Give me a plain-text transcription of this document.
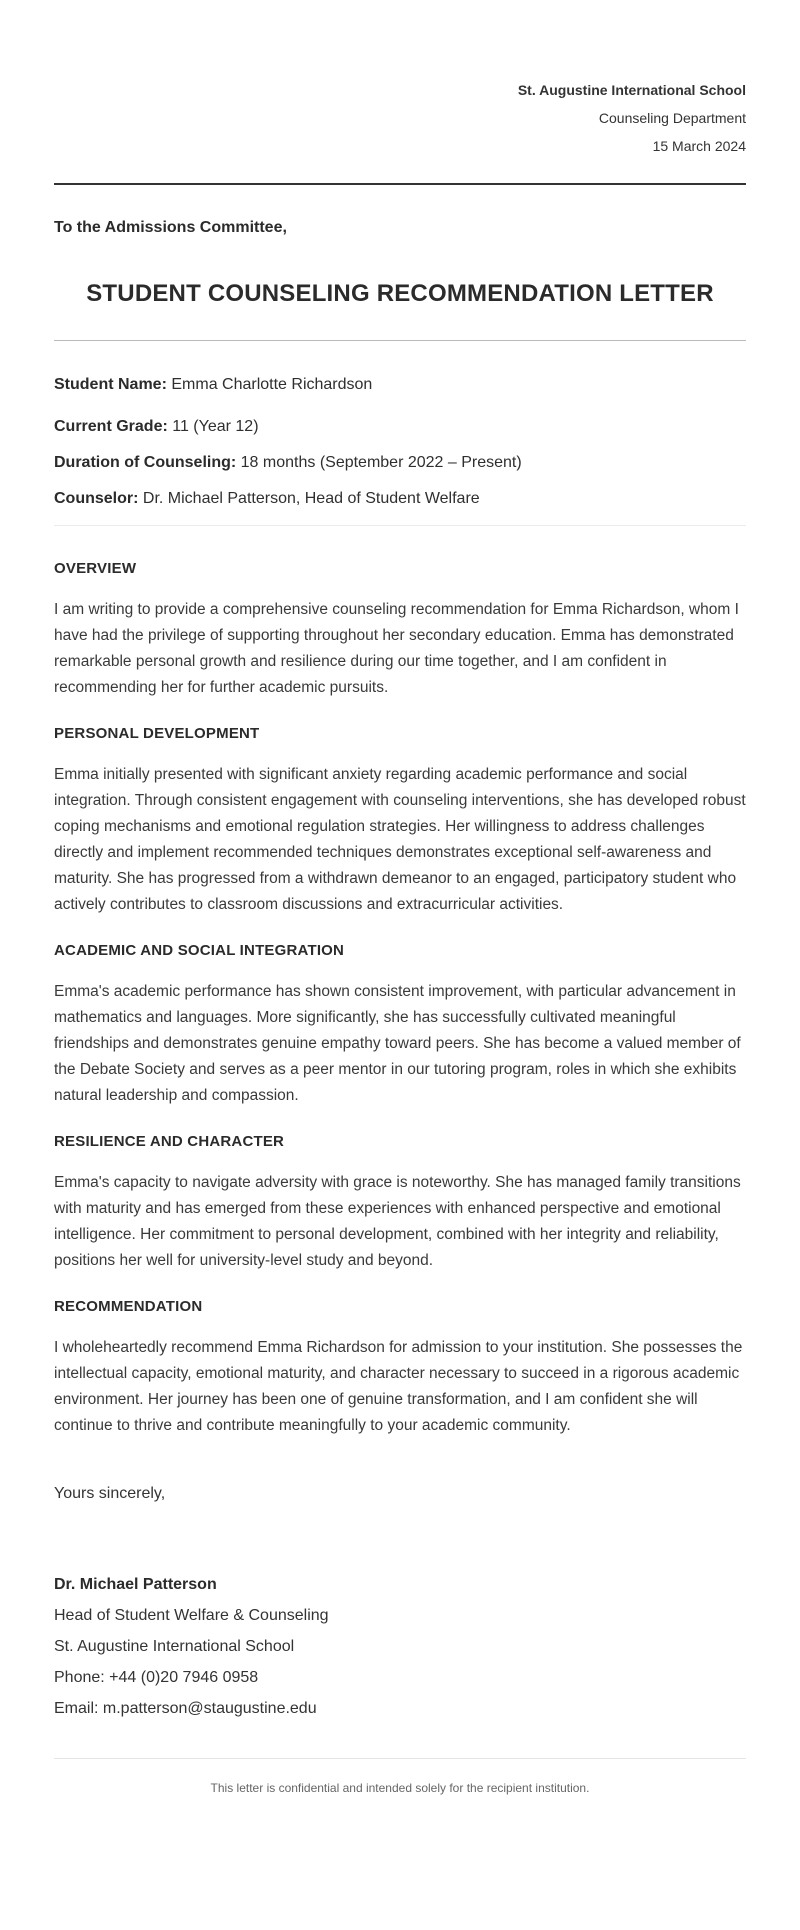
St. Augustine International School
Counseling Department
15 March 2024
To the Admissions Committee,
STUDENT COUNSELING RECOMMENDATION LETTER
Student Name: Emma Charlotte Richardson
Current Grade: 11 (Year 12)
Duration of Counseling: 18 months (September 2022 – Present)
Counselor: Dr. Michael Patterson, Head of Student Welfare
OVERVIEW

I am writing to provide a comprehensive counseling recommendation for Emma Richardson, whom I have had the privilege of supporting throughout her secondary education. Emma has demonstrated remarkable personal growth and resilience during our time together, and I am confident in recommending her for further academic pursuits.

PERSONAL DEVELOPMENT

Emma initially presented with significant anxiety regarding academic performance and social integration. Through consistent engagement with counseling interventions, she has developed robust coping mechanisms and emotional regulation strategies. Her willingness to address challenges directly and implement recommended techniques demonstrates exceptional self-awareness and maturity. She has progressed from a withdrawn demeanor to an engaged, participatory student who actively contributes to classroom discussions and extracurricular activities.

ACADEMIC AND SOCIAL INTEGRATION

Emma's academic performance has shown consistent improvement, with particular advancement in mathematics and languages. More significantly, she has successfully cultivated meaningful friendships and demonstrates genuine empathy toward peers. She has become a valued member of the Debate Society and serves as a peer mentor in our tutoring program, roles in which she exhibits natural leadership and compassion.

RESILIENCE AND CHARACTER

Emma's capacity to navigate adversity with grace is noteworthy. She has managed family transitions with maturity and has emerged from these experiences with enhanced perspective and emotional intelligence. Her commitment to personal development, combined with her integrity and reliability, positions her well for university-level study and beyond.

RECOMMENDATION

I wholeheartedly recommend Emma Richardson for admission to your institution. She possesses the intellectual capacity, emotional maturity, and character necessary to succeed in a rigorous academic environment. Her journey has been one of genuine transformation, and I am confident she will continue to thrive and contribute meaningfully to your academic community.

Yours sincerely,
Dr. Michael Patterson
Head of Student Welfare & Counseling
St. Augustine International School
Phone: +44 (0)20 7946 0958
Email: m.patterson@staugustine.edu
This letter is confidential and intended solely for the recipient institution.
